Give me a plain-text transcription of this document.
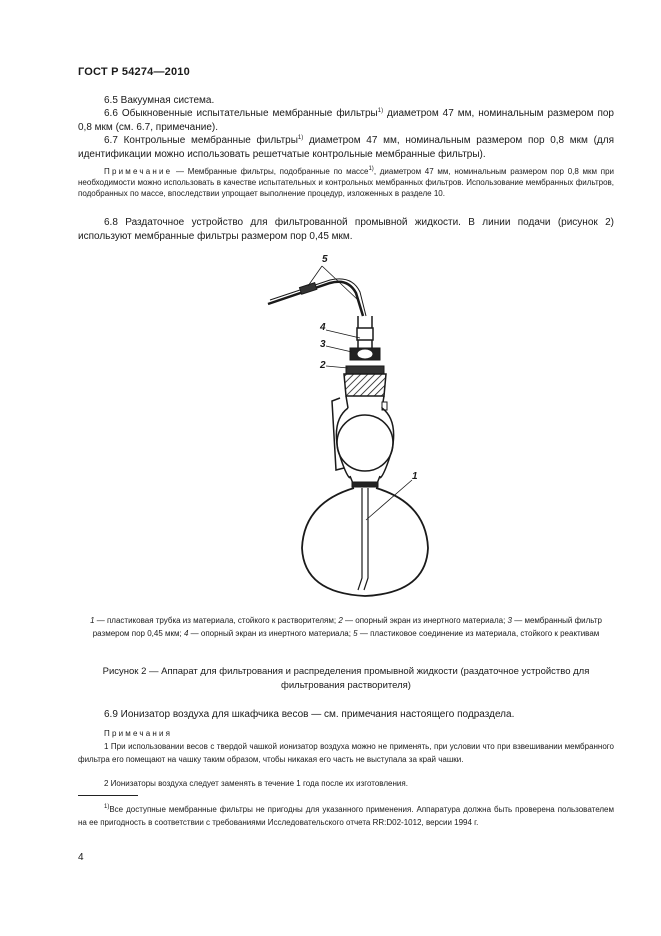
ГОСТ Р 54274—2010
6.5 Вакуумная система.
6.6 Обыкновенные испытательные мембранные фильтры$^{1)}$ диаметром 47 мм, номинальным размером пор 0,8 мкм (см. 6.7, примечание).
6.7 Контрольные мембранные фильтры$^{1)}$ диаметром 47 мм, номинальным размером пор 0,8 мкм (для идентификации можно использовать решетчатые контрольные мембранные фильтры).
Примечание — Мембранные фильтры, подобранные по массе$^{1)}$, диаметром 47 мм, номинальным размером пор 0,8 мкм при необходимости можно использовать в качестве испытательных и контрольных мембранных фильтров. Использование мембранных фильтров, подобранных по массе, впоследствии упрощает выполнение процедур, изложенных в разделе 10.
6.8 Раздаточное устройство для фильтрованной промывной жидкости. В линии подачи (рисунок 2) используют мембранные фильтры размером пор 0,45 мкм.
5
4
3
2
1
1 — пластиковая трубка из материала, стойкого к растворителям; 2 — опорный экран из инертного материала; 3 — мембранный фильтр размером пор 0,45 мкм; 4 — опорный экран из инертного материала; 5 — пластиковое соединение из материала, стойкого к реактивам
Рисунок 2 — Аппарат для фильтрования и распределения промывной жидкости (раздаточное устройство для фильтрования растворителя)
6.9 Ионизатор воздуха для шкафчика весов — см. примечания настоящего подраздела.
Примечания
1 При использовании весов с твердой чашкой ионизатор воздуха можно не применять, при условии что при взвешивании мембранного фильтра его помещают на чашку таким образом, чтобы никакая его часть не выступала за край чашки.
2 Ионизаторы воздуха следует заменять в течение 1 года после их изготовления.
$^{1)}$Все доступные мембранные фильтры не пригодны для указанного применения. Аппаратура должна быть проверена пользователем на ее пригодность в соответствии с требованиями Исследовательского отчета RR:D02-1012, версии 1994 г.
4
